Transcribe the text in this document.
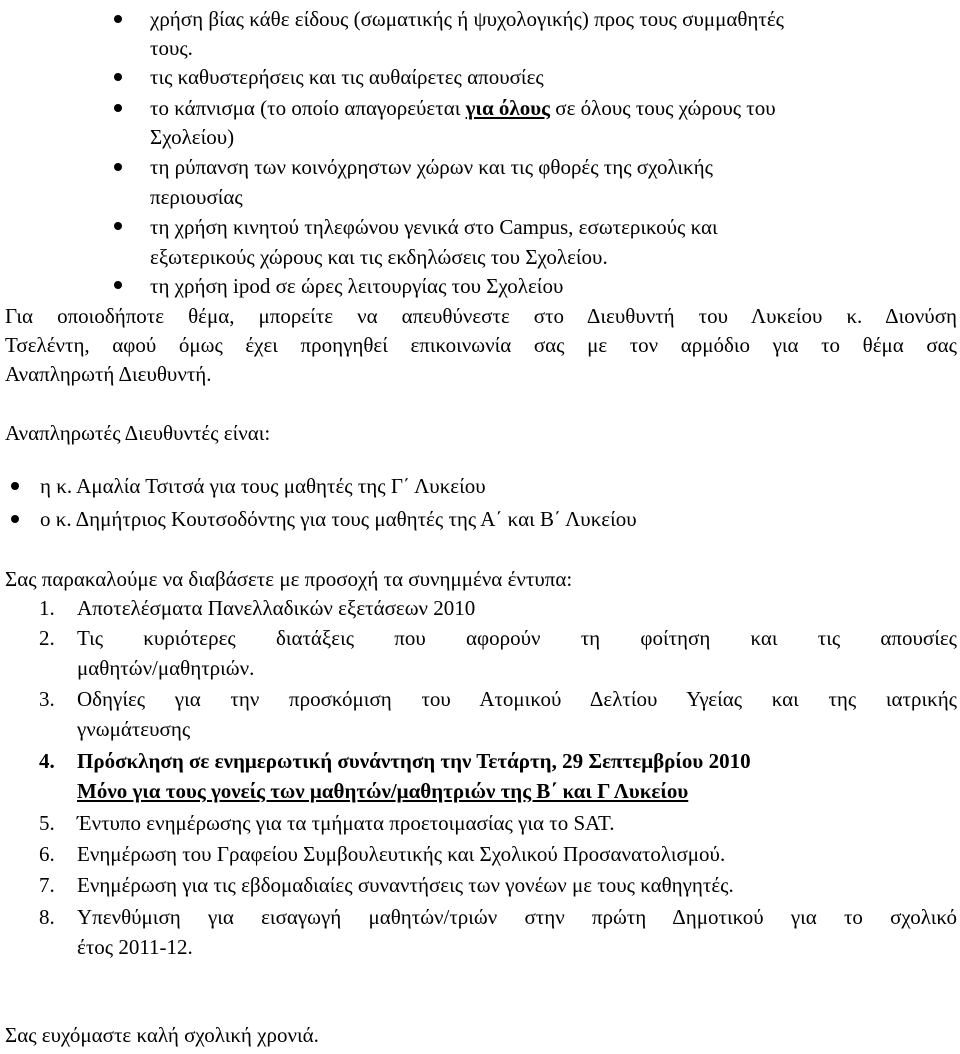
χρήση βίας κάθε είδους (σωματικής ή ψυχολογικής) προς τους συμμαθητές
τους.
τις καθυστερήσεις και τις αυθαίρετες απουσίες
το κάπνισμα (το οποίο απαγορεύεται για όλους σε όλους τους χώρους του
Σχολείου)
τη ρύπανση των κοινόχρηστων χώρων και τις φθορές της σχολικής
περιουσίας
τη χρήση κινητού τηλεφώνου γενικά στο Campus, εσωτερικούς και
εξωτερικούς χώρους και τις εκδηλώσεις του Σχολείου.
τη χρήση ipod σε ώρες λειτουργίας του Σχολείου
Για οποιοδήποτε θέμα, μπορείτε να απευθύνεστε στο Διευθυντή του Λυκείου κ. Διονύση
Τσελέντη, αφού όμως έχει προηγηθεί επικοινωνία σας με τον αρμόδιο για το θέμα σας
Αναπληρωτή Διευθυντή.
Αναπληρωτές Διευθυντές είναι:
η κ. Αμαλία Τσιτσά για τους μαθητές της Γ΄ Λυκείου
ο κ. Δημήτριος Κουτσοδόντης για τους μαθητές της Α΄ και Β΄ Λυκείου
Σας παρακαλούμε να διαβάσετε με προσοχή τα συνημμένα έντυπα:
1. Αποτελέσματα Πανελλαδικών εξετάσεων 2010
2. Τις κυριότερες διατάξεις που αφορούν τη φοίτηση και τις απουσίες
μαθητών/μαθητριών.
3. Οδηγίες για την προσκόμιση του Ατομικού Δελτίου Υγείας και της ιατρικής
γνωμάτευσης
4. Πρόσκληση σε ενημερωτική συνάντηση την Τετάρτη, 29 Σεπτεμβρίου 2010
Μόνο για τους γονείς των μαθητών/μαθητριών της Β΄ και Γ Λυκείου
5. Έντυπο ενημέρωσης για τα τμήματα προετοιμασίας για το SAT.
6. Ενημέρωση του Γραφείου Συμβουλευτικής και Σχολικού Προσανατολισμού.
7. Ενημέρωση για τις εβδομαδιαίες συναντήσεις των γονέων με τους καθηγητές.
8. Υπενθύμιση για εισαγωγή μαθητών/τριών στην πρώτη Δημοτικού για το σχολικό
έτος 2011-12.
Σας ευχόμαστε καλή σχολική χρονιά.
